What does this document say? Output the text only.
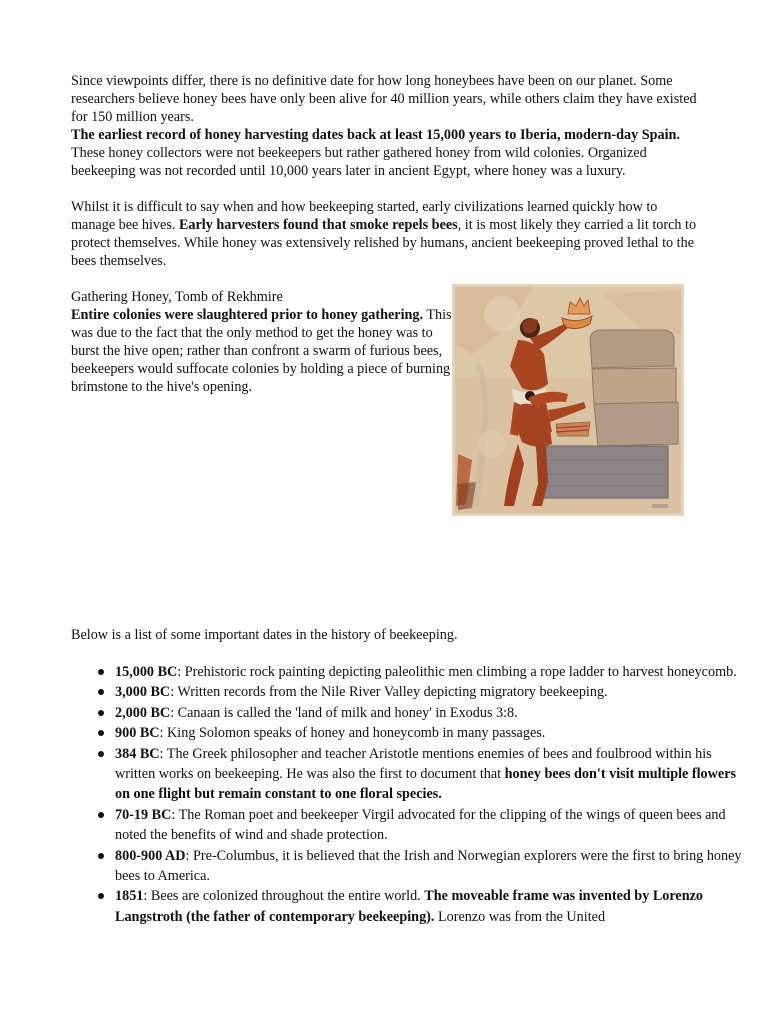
Since viewpoints differ, there is no definitive date for how long honeybees have been on our planet. Some researchers believe honey bees have only been alive for 40 million years, while others claim they have existed for 150 million years.
The earliest record of honey harvesting dates back at least 15,000 years to Iberia, modern-day Spain. These honey collectors were not beekeepers but rather gathered honey from wild colonies. Organized beekeeping was not recorded until 10,000 years later in ancient Egypt, where honey was a luxury.

Whilst it is difficult to say when and how beekeeping started, early civilizations learned quickly how to manage bee hives. Early harvesters found that smoke repels bees, it is most likely they carried a lit torch to protect themselves. While honey was extensively relished by humans, ancient beekeeping proved lethal to the bees themselves.

Gathering Honey, Tomb of Rekhmire
Entire colonies were slaughtered prior to honey gathering. This was due to the fact that the only method to get the honey was to burst the hive open; rather than confront a swarm of furious bees, beekeepers would suffocate colonies by holding a piece of burning brimstone to the hive's opening.
Below is a list of some important dates in the history of beekeeping.
15,000 BC: Prehistoric rock painting depicting paleolithic men climbing a rope ladder to harvest honeycomb.
3,000 BC: Written records from the Nile River Valley depicting migratory beekeeping.
2,000 BC: Canaan is called the 'land of milk and honey' in Exodus 3:8.
900 BC: King Solomon speaks of honey and honeycomb in many passages.
384 BC: The Greek philosopher and teacher Aristotle mentions enemies of bees and foulbrood within his written works on beekeeping. He was also the first to document that honey bees don't visit multiple flowers on one flight but remain constant to one floral species.
70-19 BC: The Roman poet and beekeeper Virgil advocated for the clipping of the wings of queen bees and noted the benefits of wind and shade protection.
800-900 AD: Pre-Columbus, it is believed that the Irish and Norwegian explorers were the first to bring honey bees to America.
1851: Bees are colonized throughout the entire world. The moveable frame was invented by Lorenzo Langstroth (the father of contemporary beekeeping). Lorenzo was from the United
